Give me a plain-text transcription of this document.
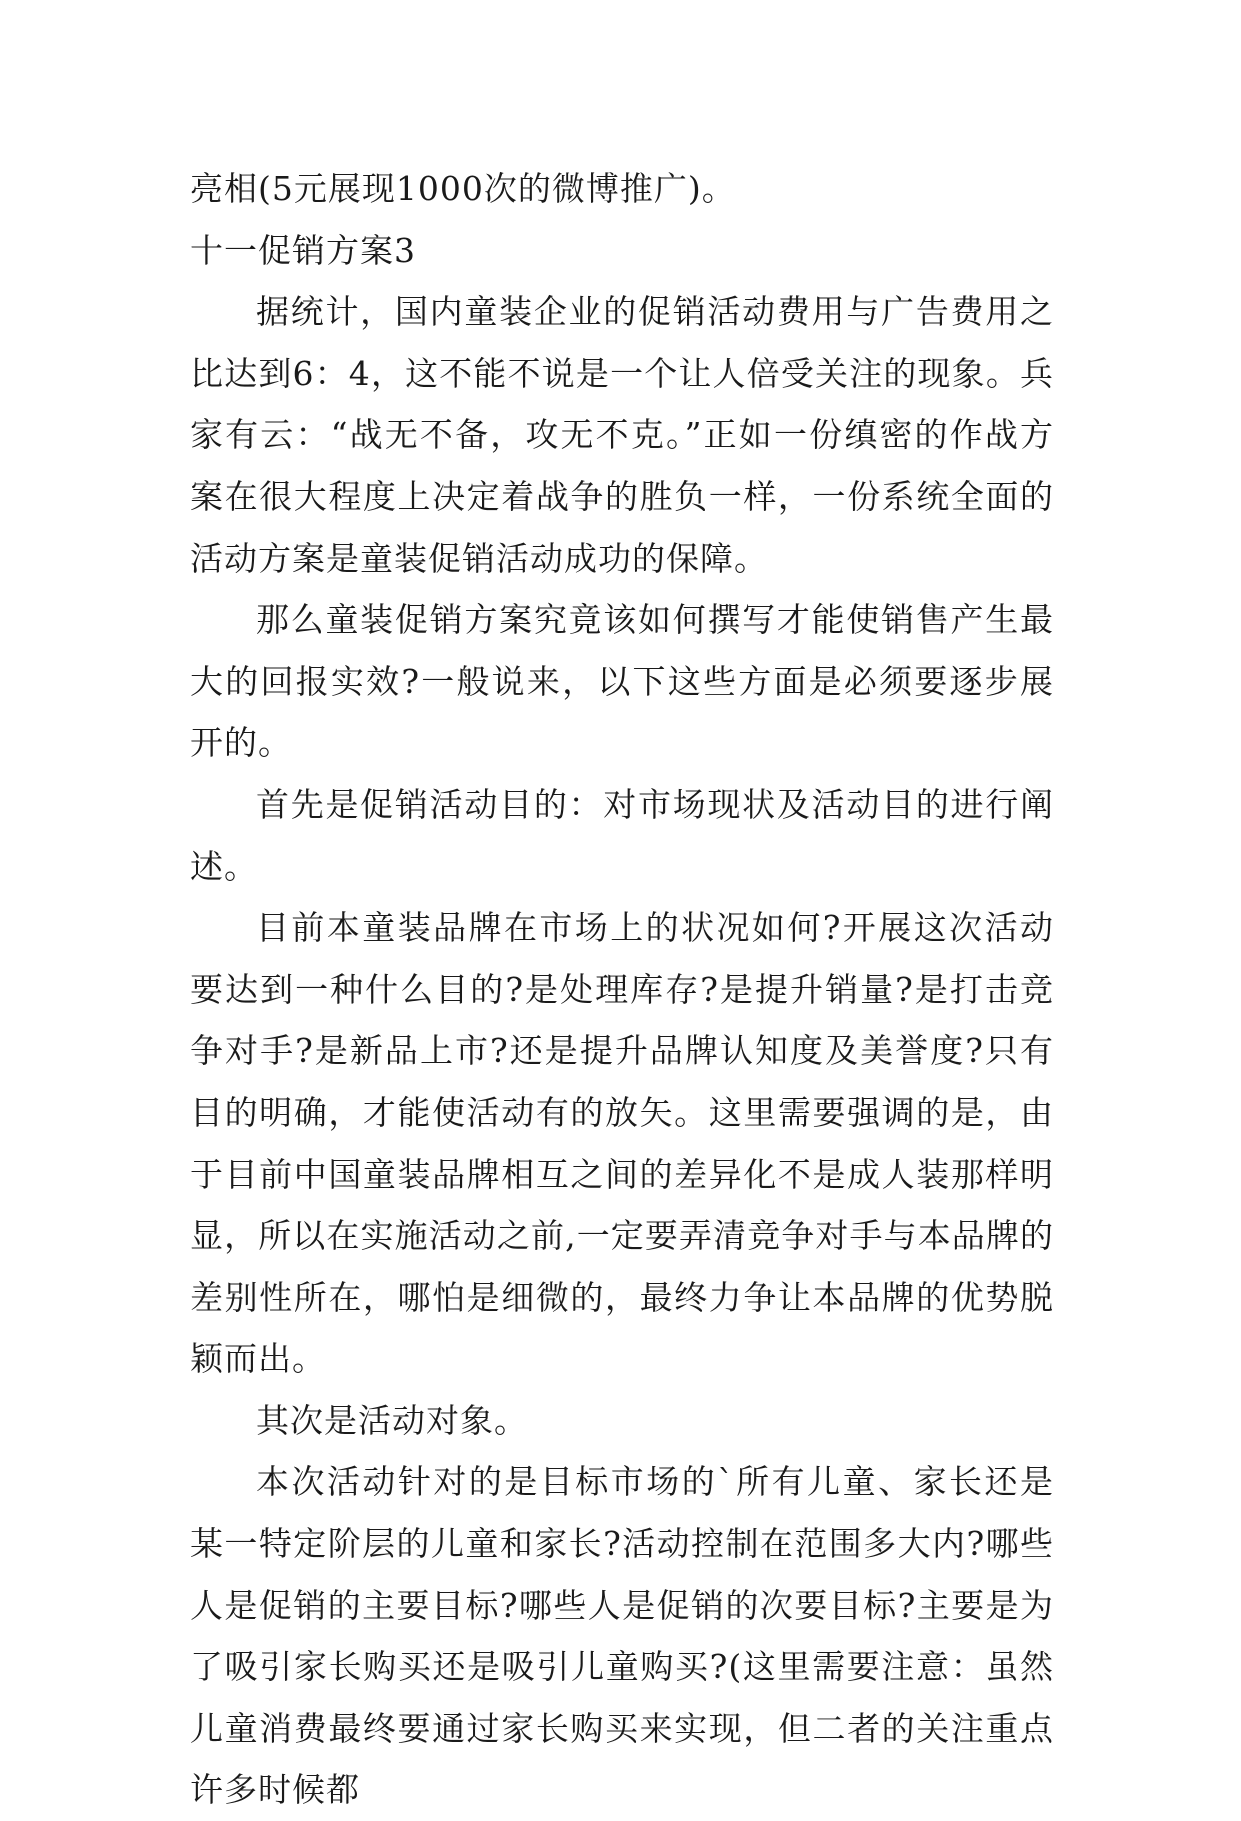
亮相(5元展现1000次的微博推广)。

十一促销方案3

据统计，国内童装企业的促销活动费用与广告费用之比达到6：4，这不能不说是一个让人倍受关注的现象。兵家有云：“战无不备，攻无不克。”正如一份缜密的作战方案在很大程度上决定着战争的胜负一样，一份系统全面的活动方案是童装促销活动成功的保障。

那么童装促销方案究竟该如何撰写才能使销售产生最大的回报实效?一般说来，以下这些方面是必须要逐步展开的。

首先是促销活动目的：对市场现状及活动目的进行阐述。

目前本童装品牌在市场上的状况如何?开展这次活动要达到一种什么目的?是处理库存?是提升销量?是打击竞争对手?是新品上市?还是提升品牌认知度及美誉度?只有目的明确，才能使活动有的放矢。这里需要强调的是，由于目前中国童装品牌相互之间的差异化不是成人装那样明显，所以在实施活动之前,一定要弄清竞争对手与本品牌的差别性所在，哪怕是细微的，最终力争让本品牌的优势脱颖而出。

其次是活动对象。

本次活动针对的是目标市场的`所有儿童、家长还是某一特定阶层的儿童和家长?活动控制在范围多大内?哪些人是促销的主要目标?哪些人是促销的次要目标?主要是为了吸引家长购买还是吸引儿童购买?(这里需要注意：虽然儿童消费最终要通过家长购买来实现，但二者的关注重点许多时候都
